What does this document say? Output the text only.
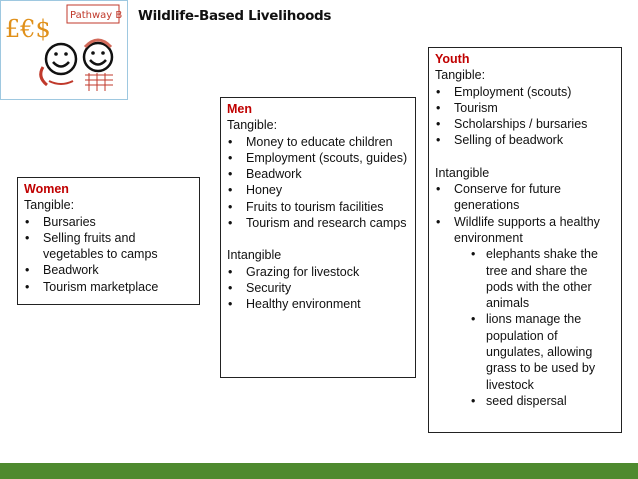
£€$ Pathway B Wildlife-Based Livelihoods
Women
Tangible:
• Bursaries
• Selling fruits and vegetables to camps
• Beadwork
• Tourism marketplace
Men
Tangible:
• Money to educate children
• Employment (scouts, guides)
• Beadwork
• Honey
• Fruits to tourism facilities
• Tourism and research camps
Intangible
• Grazing for livestock
• Security
• Healthy environment
Youth
Tangible:
• Employment (scouts)
• Tourism
• Scholarships / bursaries
• Selling of beadwork
Intangible
• Conserve for future generations
• Wildlife supports a healthy environment
• elephants shake the tree and share the pods with the other animals
• lions manage the population of ungulates, allowing grass to be used by livestock
• seed dispersal
